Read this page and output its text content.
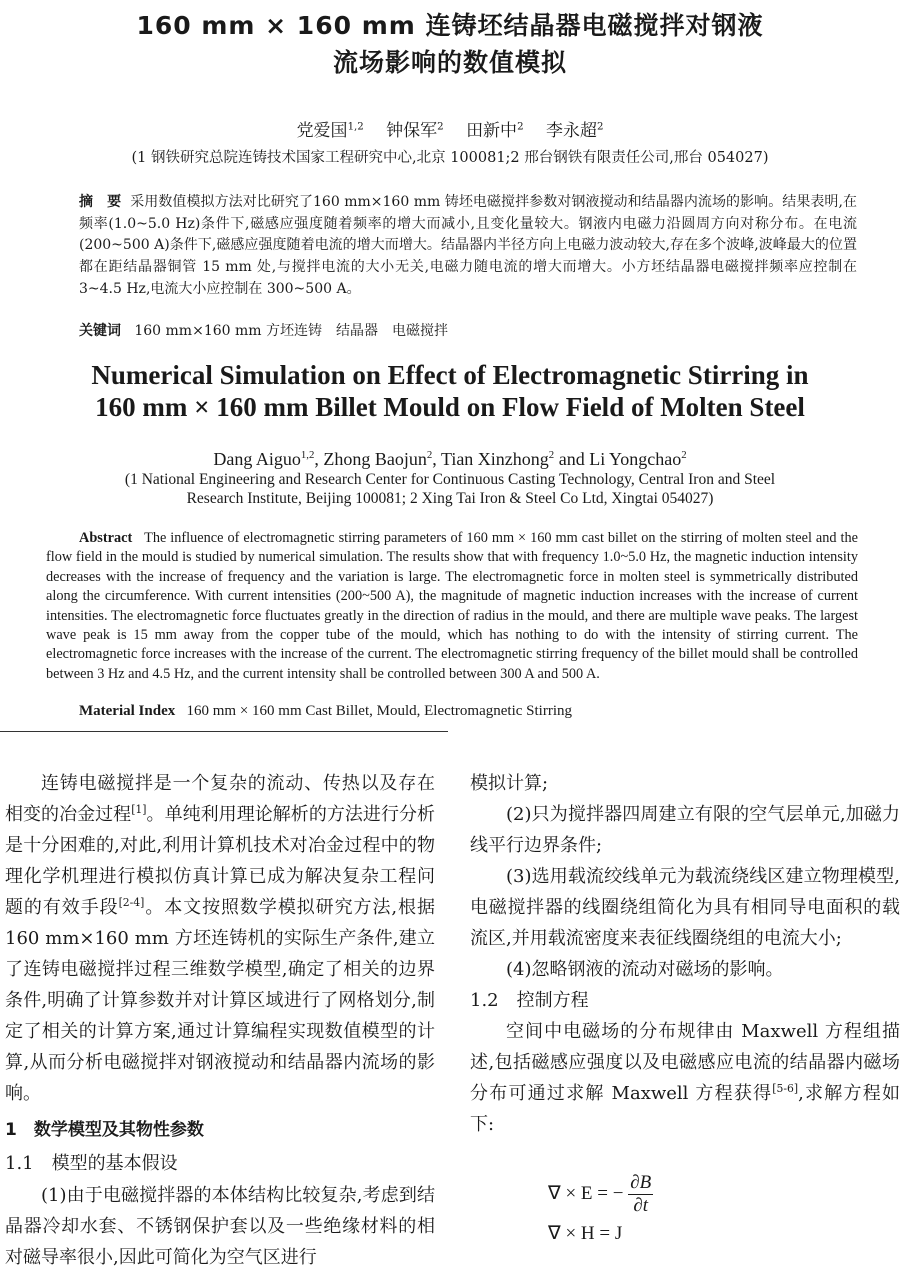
160 mm × 160 mm 连铸坯结晶器电磁搅拌对钢液
流场影响的数值模拟
党爱国$^{1,2}$　 钟保军$^2$　 田新中$^2$　 李永超$^2$
(1 钢铁研究总院连铸技术国家工程研究中心,北京 100081;2 邢台钢铁有限责任公司,邢台 054027)
摘　要 采用数值模拟方法对比研究了160 mm×160 mm 铸坯电磁搅拌参数对钢液搅动和结晶器内流场的影响。结果表明,在频率(1.0~5.0 Hz)条件下,磁感应强度随着频率的增大而减小,且变化量较大。钢液内电磁力沿圆周方向对称分布。在电流(200~500 A)条件下,磁感应强度随着电流的增大而增大。结晶器内半径方向上电磁力波动较大,存在多个波峰,波峰最大的位置都在距结晶器铜管 15 mm 处,与搅拌电流的大小无关,电磁力随电流的增大而增大。小方坯结晶器电磁搅拌频率应控制在 3~4.5 Hz,电流大小应控制在 300~500 A。
关键词 160 mm×160 mm 方坯连铸　结晶器　电磁搅拌
Numerical Simulation on Effect of Electromagnetic Stirring in
160 mm × 160 mm Billet Mould on Flow Field of Molten Steel
Dang Aiguo$^{1,2}$, Zhong Baojun$^2$, Tian Xinzhong$^2$ and Li Yongchao$^2$
(1 National Engineering and Research Center for Continuous Casting Technology, Central Iron and Steel
Research Institute, Beijing 100081; 2 Xing Tai Iron & Steel Co Ltd, Xingtai 054027)
Abstract The influence of electromagnetic stirring parameters of 160 mm × 160 mm cast billet on the stirring of molten steel and the flow field in the mould is studied by numerical simulation. The results show that with frequency 1.0~5.0 Hz, the magnetic induction intensity decreases with the increase of frequency and the variation is large. The electromagnetic force in molten steel is symmetrically distributed along the circumference. With current intensities (200~500 A), the magnitude of magnetic induction increases with the increase of current intensities. The electromagnetic force fluctuates greatly in the direction of radius in the mould, and there are multiple wave peaks. The largest wave peak is 15 mm away from the copper tube of the mould, which has nothing to do with the intensity of stirring current. The electromagnetic force increases with the increase of the current. The electromagnetic stirring frequency of the billet mould shall be controlled between 3 Hz and 4.5 Hz, and the current intensity shall be controlled between 300 A and 500 A.
Material Index 160 mm × 160 mm Cast Billet, Mould, Electromagnetic Stirring

连铸电磁搅拌是一个复杂的流动、传热以及存在相变的冶金过程[1]。单纯利用理论解析的方法进行分析是十分困难的,对此,利用计算机技术对冶金过程中的物理化学机理进行模拟仿真计算已成为解决复杂工程问题的有效手段[2-4]。本文按照数学模拟研究方法,根据 160 mm×160 mm 方坯连铸机的实际生产条件,建立了连铸电磁搅拌过程三维数学模型,确定了相关的边界条件,明确了计算参数并对计算区域进行了网格划分,制定了相关的计算方案,通过计算编程实现数值模型的计算,从而分析电磁搅拌对钢液搅动和结晶器内流场的影响。

1　数学模型及其物性参数
1.1　模型的基本假设

(1)由于电磁搅拌器的本体结构比较复杂,考虑到结晶器冷却水套、不锈钢保护套以及一些绝缘材料的相对磁导率很小,因此可简化为空气区进行

模拟计算;

(2)只为搅拌器四周建立有限的空气层单元,加磁力线平行边界条件;

(3)选用载流绞线单元为载流绕线区建立物理模型,电磁搅拌器的线圈绕组简化为具有相同导电面积的载流区,并用载流密度来表征线圈绕组的电流大小;

(4)忽略钢液的流动对磁场的影响。

1.2　控制方程

空间中电磁场的分布规律由 Maxwell 方程组描述,包括磁感应强度以及电磁感应电流的结晶器内磁场分布可通过求解 Maxwell 方程获得[5-6],求解方程如下:

∇ × E = − $\frac{\partial B}{\partial t}$
∇ × H = J
